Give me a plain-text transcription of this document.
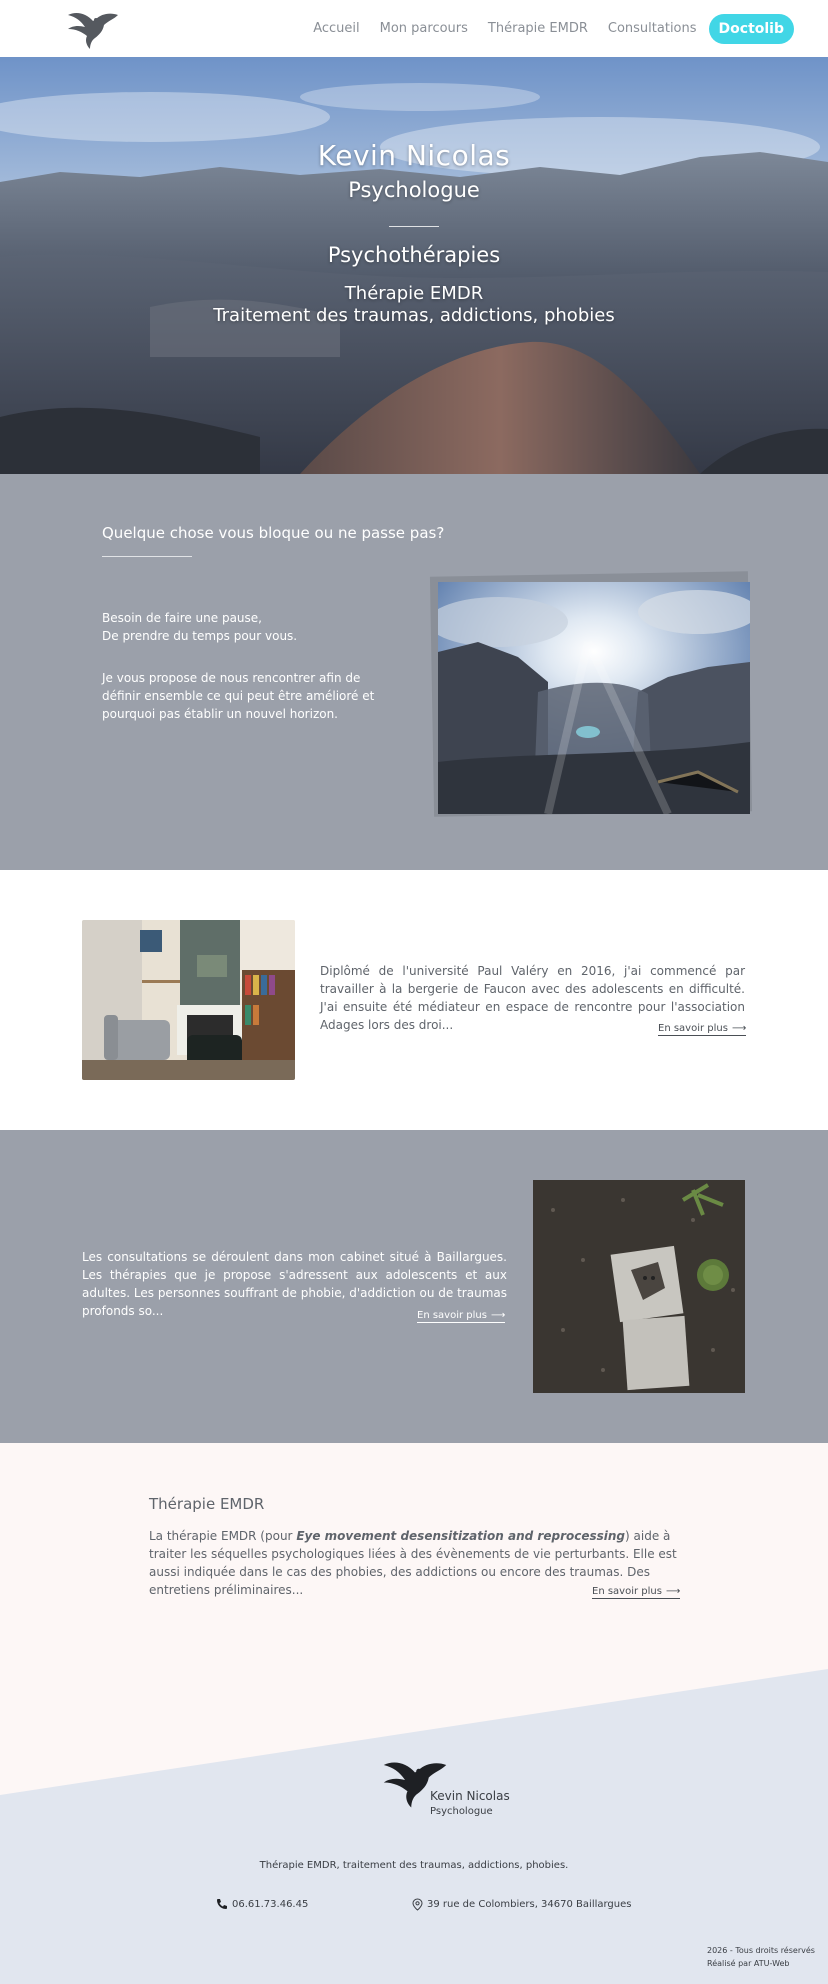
Accueil Mon parcours Thérapie EMDR Consultations	Doctolib
Kevin Nicolas
Psychologue
Psychothérapies
Thérapie EMDR
Traitement des traumas, addictions, phobies
Quelque chose vous bloque ou ne passe pas?
Besoin de faire une pause,
De prendre du temps pour vous.
Je vous propose de nous rencontrer afin de définir ensemble ce qui peut être amélioré et pourquoi pas établir un nouvel horizon.
Diplômé de l'université Paul Valéry en 2016, j'ai commencé par travailler à la bergerie de Faucon avec des adolescents en difficulté. J'ai ensuite été médiateur en espace de rencontre pour l'association Adages lors des droi...	En savoir plus ⟶
Les consultations se déroulent dans mon cabinet situé à Baillargues. Les thérapies que je propose s'adressent aux adolescents et aux adultes. Les personnes souffrant de phobie, d'addiction ou de traumas profonds so...	En savoir plus ⟶
Thérapie EMDR
La thérapie EMDR (pour Eye movement desensitization and reprocessing) aide à traiter les séquelles psychologiques liées à des évènements de vie perturbants. Elle est aussi indiquée dans le cas des phobies, des addictions ou encore des traumas. Des entretiens préliminaires...	En savoir plus ⟶
Kevin Nicolas
Psychologue
Thérapie EMDR, traitement des traumas, addictions, phobies.
06.61.73.46.45	39 rue de Colombiers, 34670 Baillargues
2026 - Tous droits réservés
Réalisé par ATU-Web
